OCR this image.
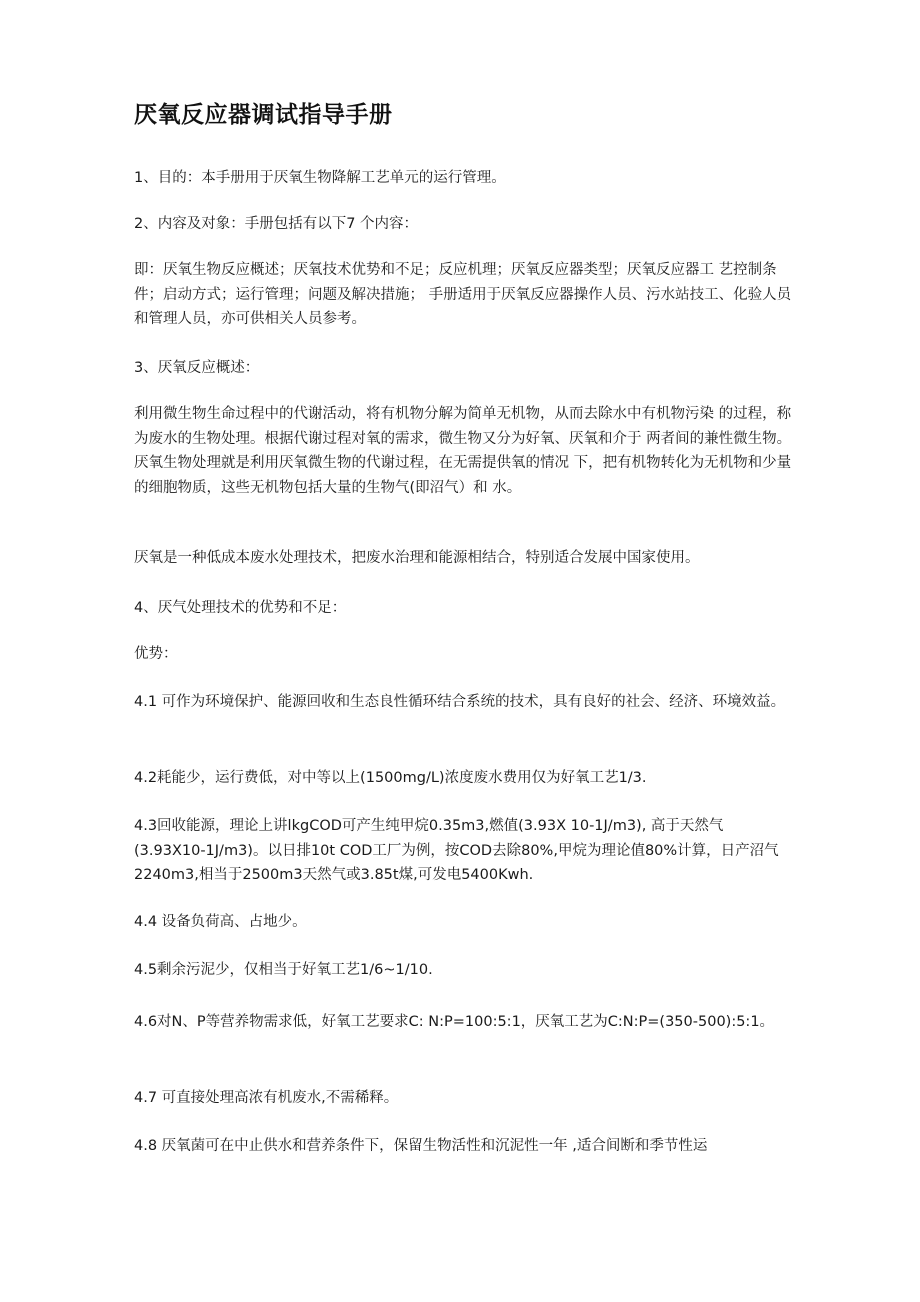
厌氧反应器调试指导手册

1、目的：本手册用于厌氧生物降解工艺单元的运行管理。

2、内容及对象：手册包括有以下7 个内容：

即：厌氧生物反应概述；厌氧技术优势和不足；反应机理；厌氧反应器类型；厌氧反应器工 艺控制条件；启动方式；运行管理；问题及解决措施； 手册适用于厌氧反应器操作人员、污水站技工、化验人员和管理人员，亦可供相关人员参考。

3、厌氧反应概述：

利用微生物生命过程中的代谢活动，将有机物分解为简单无机物，从而去除水中有机物污染 的过程，称为废水的生物处理。根据代谢过程对氧的需求，微生物又分为好氧、厌氧和介于 两者间的兼性微生物。厌氧生物处理就是利用厌氧微生物的代谢过程，在无需提供氧的情况 下，把有机物转化为无机物和少量的细胞物质，这些无机物包括大量的生物气(即沼气）和 水。

厌氧是一种低成本废水处理技术，把废水治理和能源相结合，特别适合发展中国家使用。

4、厌气处理技术的优势和不足：

优势：

4.1 可作为环境保护、能源回收和生态良性循环结合系统的技术，具有良好的社会、经济、环境效益。

4.2耗能少，运行费低，对中等以上(1500mg/L)浓度废水费用仅为好氧工艺1/3.

4.3回收能源，理论上讲lkgCOD可产生纯甲烷0.35m3,燃值(3.93Ⅹ 10-1J/m3), 高于天然气(3.93Ⅹ10-1J/m3)。以日排10t COD工厂为例，按COD去除80%,甲烷为理论值80%计算，日产沼气2240m3,相当于2500m3天然气或3.85t煤,可发电5400Kwh.

4.4 设备负荷高、占地少。

4.5剩余污泥少，仅相当于好氧工艺1/6~1/10.

4.6对N、P等营养物需求低，好氧工艺要求C: N:P=100:5:1，厌氧工艺为C:N:P=(350-500):5:1。

4.7 可直接处理高浓有机废水,不需稀释。

4.8 厌氧菌可在中止供水和营养条件下，保留生物活性和沉泥性一年 ,适合间断和季节性运
